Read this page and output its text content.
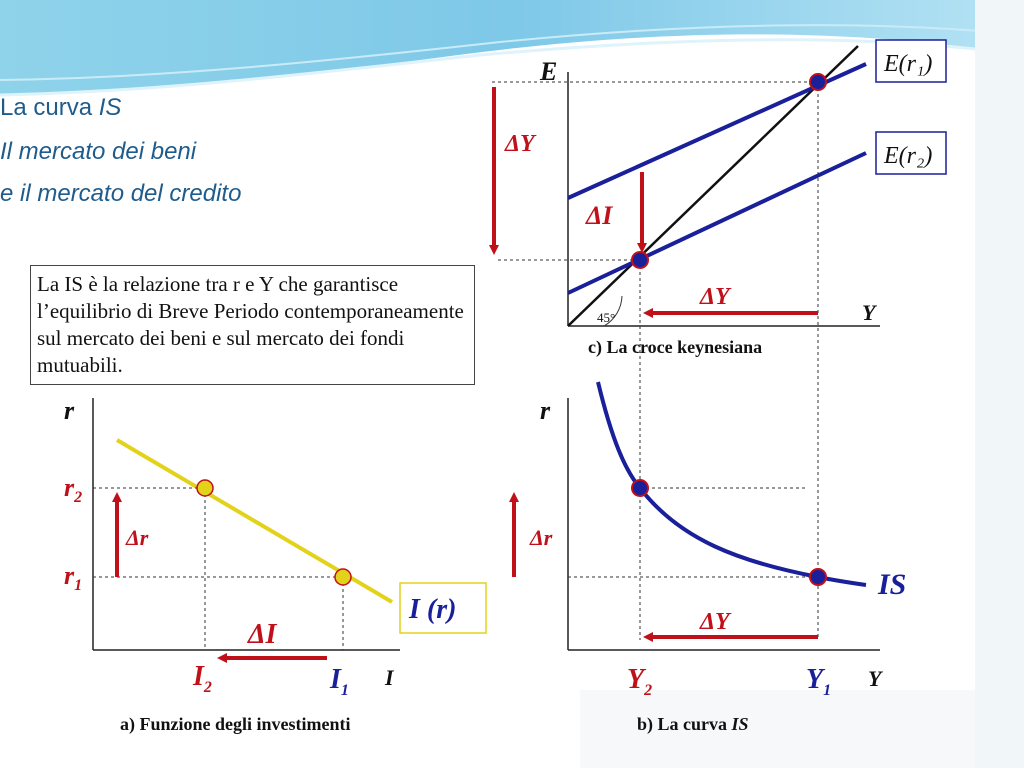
La curva IS
Il mercato dei beni
e il mercato del credito
E
Y
45°
ΔY
ΔI
ΔY
E(r₁)
E(r₂)
r
I
$r_2$
$r_1$
Δr
ΔI
$I_2$	$I_1$
I (r)
r
Y
Δr
ΔY
$Y_2$	$Y_1$
IS
La IS è la relazione tra r e Y che garantisce l’equilibrio di Breve Periodo contemporaneamente sul mercato dei beni e sul mercato dei fondi mutuabili.
c) La croce keynesiana
a) Funzione degli investimenti	b) La curva IS
